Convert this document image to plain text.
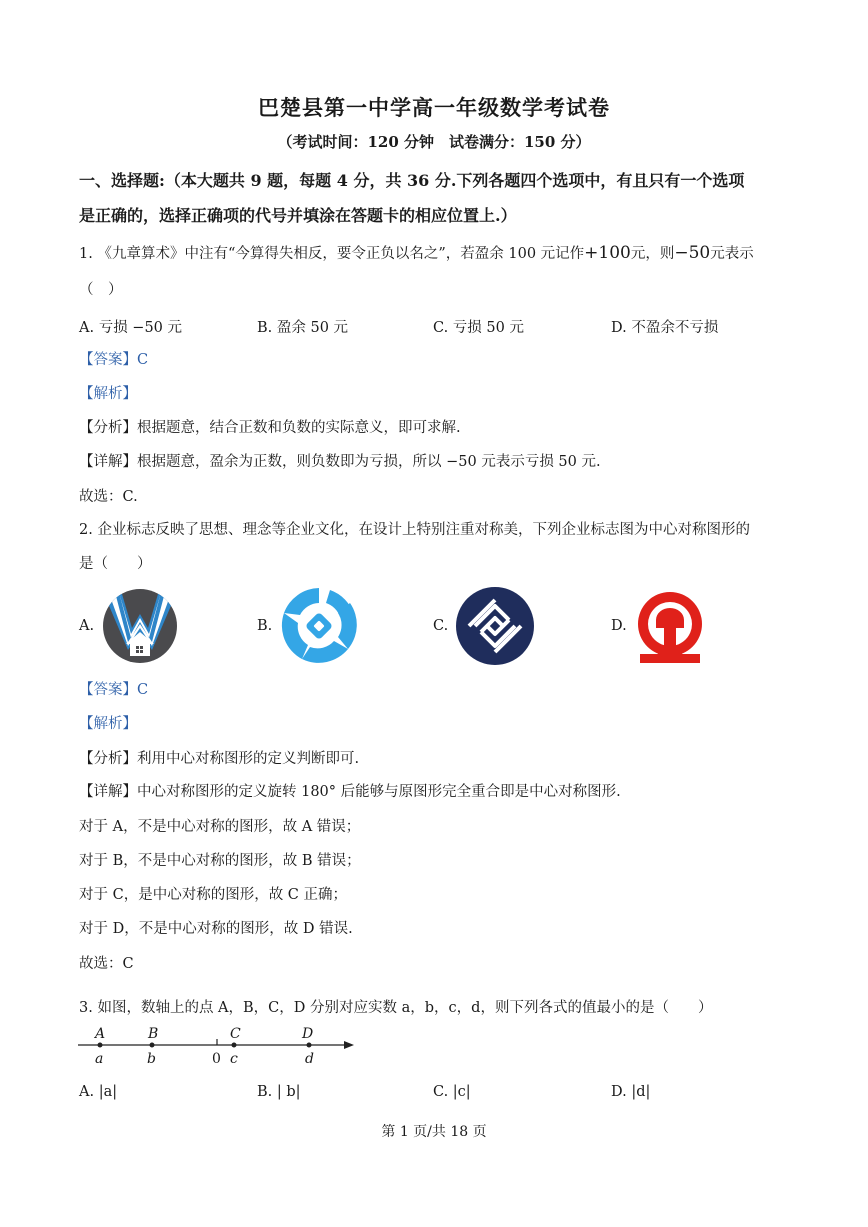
巴楚县第一中学高一年级数学考试卷
（考试时间：120 分钟　试卷满分：150 分）
一、选择题:（本大题共 9 题，每题 4 分，共 36 分.下列各题四个选项中，有且只有一个选项
是正确的，选择正确项的代号并填涂在答题卡的相应位置上.）
1. 《九章算术》中注有“今算得失相反，要令正负以名之”，若盈余 100 元记作+100元，则−50元表示
（　）
A. 亏损 −50 元	B. 盈余 50 元	C. 亏损 50 元	D. 不盈余不亏损
【答案】C
【解析】
【分析】根据题意，结合正数和负数的实际意义，即可求解.
【详解】根据题意，盈余为正数，则负数即为亏损，所以 −50 元表示亏损 50 元.
故选：C.
2. 企业标志反映了思想、理念等企业文化，在设计上特别注重对称美，下列企业标志图为中心对称图形的
是（　　）
A.	B.	C.	D.
【答案】C
【解析】
【分析】利用中心对称图形的定义判断即可.
【详解】中心对称图形的定义旋转 180° 后能够与原图形完全重合即是中心对称图形.
对于 A，不是中心对称的图形，故 A 错误；
对于 B，不是中心对称的图形，故 B 错误；
对于 C，是中心对称的图形，故 C 正确；
对于 D，不是中心对称的图形，故 D 错误.
故选：C
3. 如图，数轴上的点 A，B，C，D 分别对应实数 a，b，c，d，则下列各式的值最小的是（　　）
A	B	C	D
a	b	0 c	d
A. |a|	B. | b|	C. |c|	D. |d|
第 1 页/共 18 页
